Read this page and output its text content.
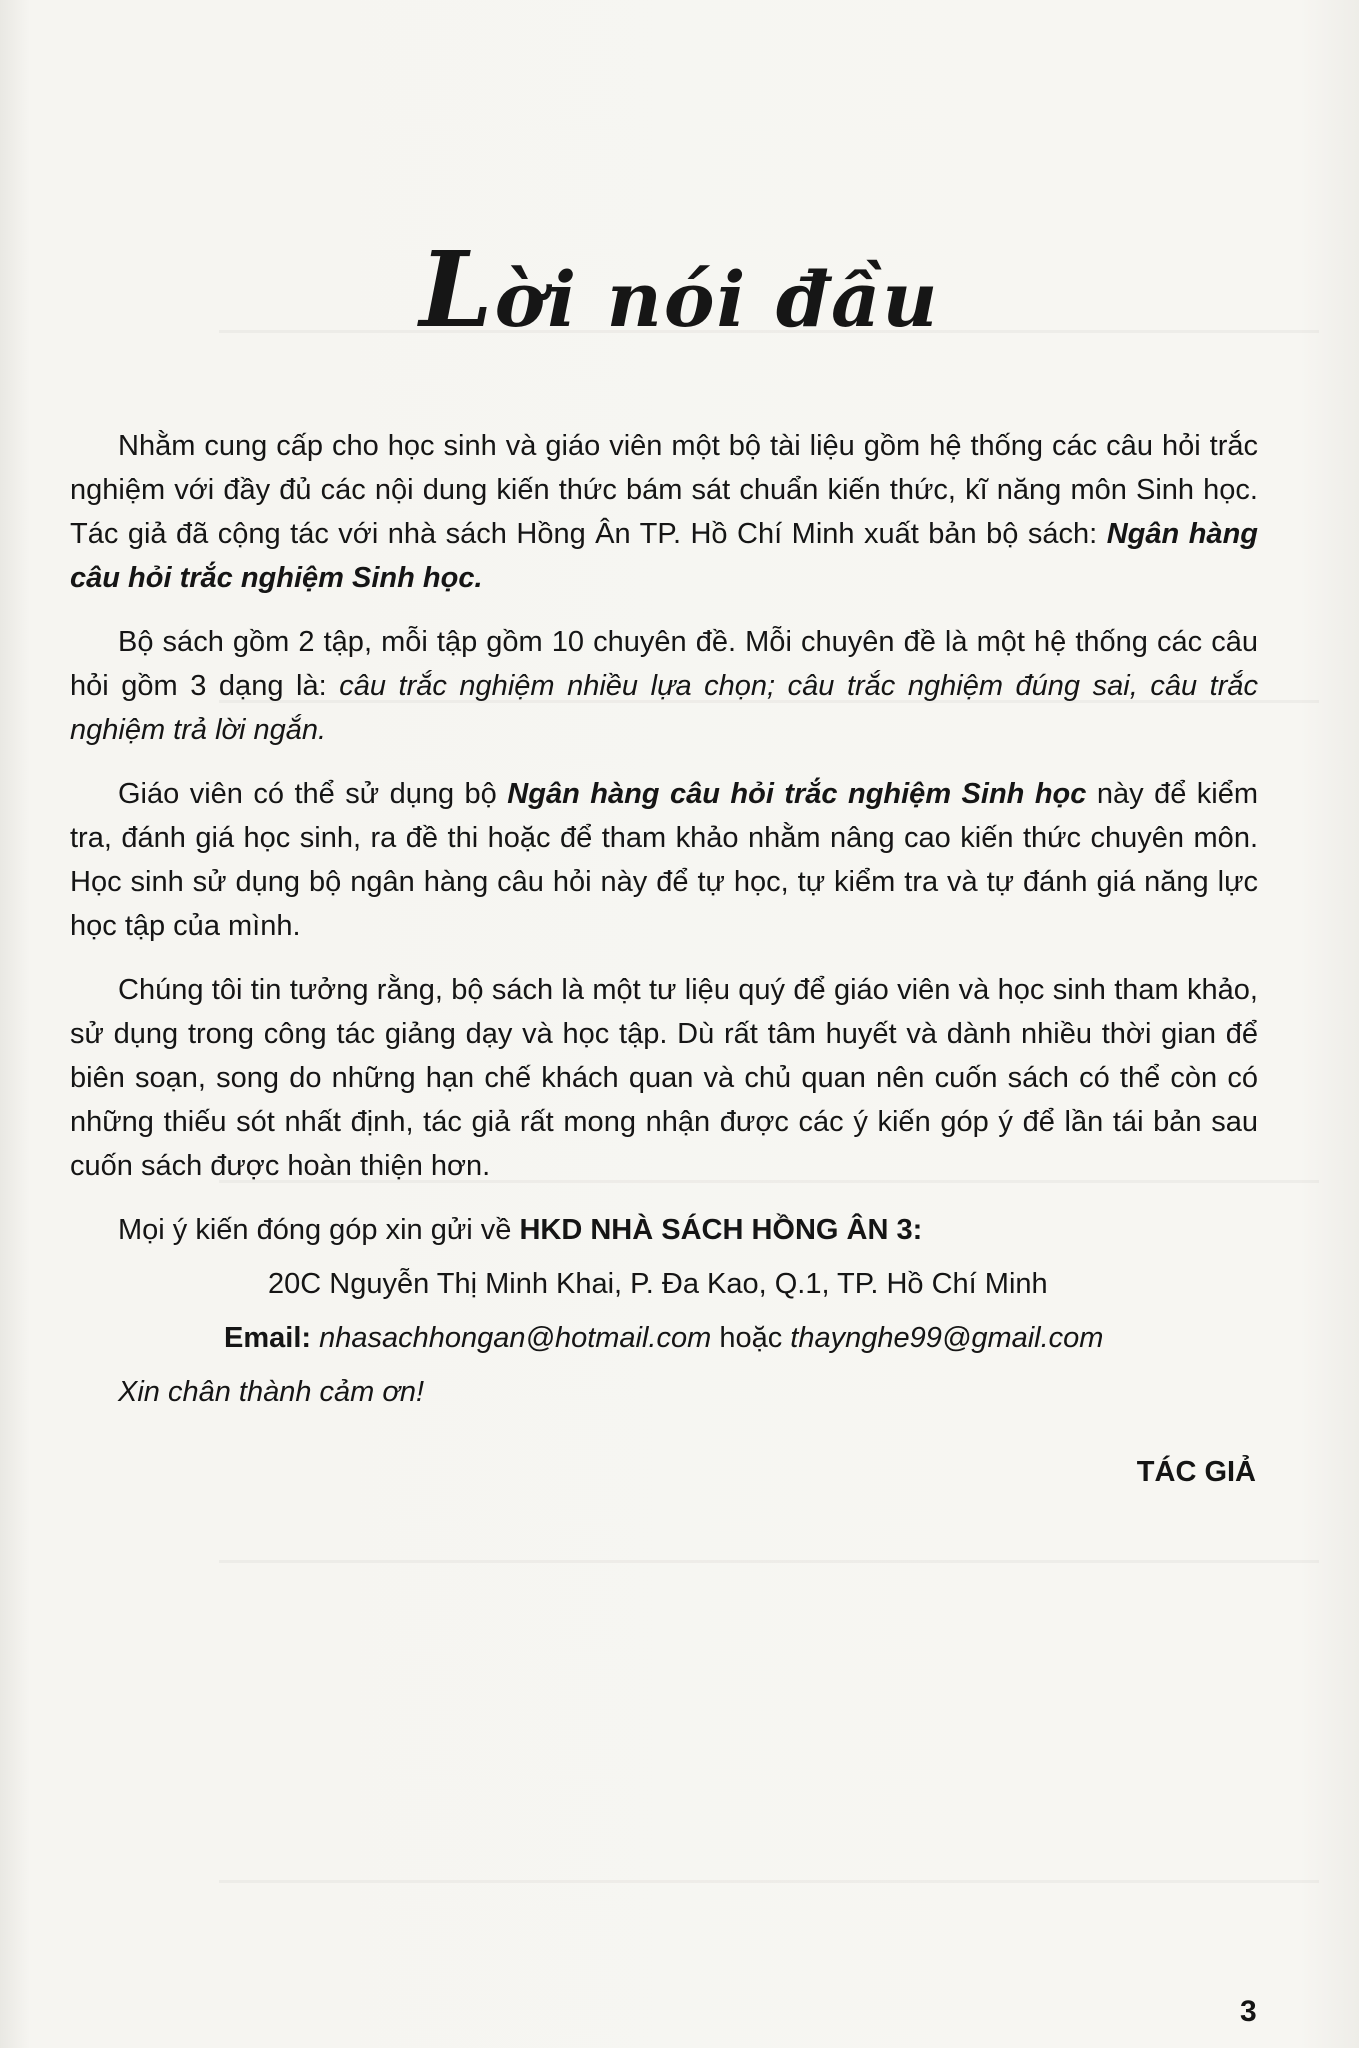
Lời nói đầu

Nhằm cung cấp cho học sinh và giáo viên một bộ tài liệu gồm hệ thống các câu hỏi trắc nghiệm với đầy đủ các nội dung kiến thức bám sát chuẩn kiến thức, kĩ năng môn Sinh học. Tác giả đã cộng tác với nhà sách Hồng Ân TP. Hồ Chí Minh xuất bản bộ sách: Ngân hàng câu hỏi trắc nghiệm Sinh học.

Bộ sách gồm 2 tập, mỗi tập gồm 10 chuyên đề. Mỗi chuyên đề là một hệ thống các câu hỏi gồm 3 dạng là: câu trắc nghiệm nhiều lựa chọn; câu trắc nghiệm đúng sai, câu trắc nghiệm trả lời ngắn.

Giáo viên có thể sử dụng bộ Ngân hàng câu hỏi trắc nghiệm Sinh học này để kiểm tra, đánh giá học sinh, ra đề thi hoặc để tham khảo nhằm nâng cao kiến thức chuyên môn. Học sinh sử dụng bộ ngân hàng câu hỏi này để tự học, tự kiểm tra và tự đánh giá năng lực học tập của mình.

Chúng tôi tin tưởng rằng, bộ sách là một tư liệu quý để giáo viên và học sinh tham khảo, sử dụng trong công tác giảng dạy và học tập. Dù rất tâm huyết và dành nhiều thời gian để biên soạn, song do những hạn chế khách quan và chủ quan nên cuốn sách có thể còn có những thiếu sót nhất định, tác giả rất mong nhận được các ý kiến góp ý để lần tái bản sau cuốn sách được hoàn thiện hơn.

Mọi ý kiến đóng góp xin gửi về HKD NHÀ SÁCH HỒNG ÂN 3:

20C Nguyễn Thị Minh Khai, P. Đa Kao, Q.1, TP. Hồ Chí Minh

Email: nhasachhongan@hotmail.com hoặc thaynghe99@gmail.com

Xin chân thành cảm ơn!

TÁC GIẢ

3
